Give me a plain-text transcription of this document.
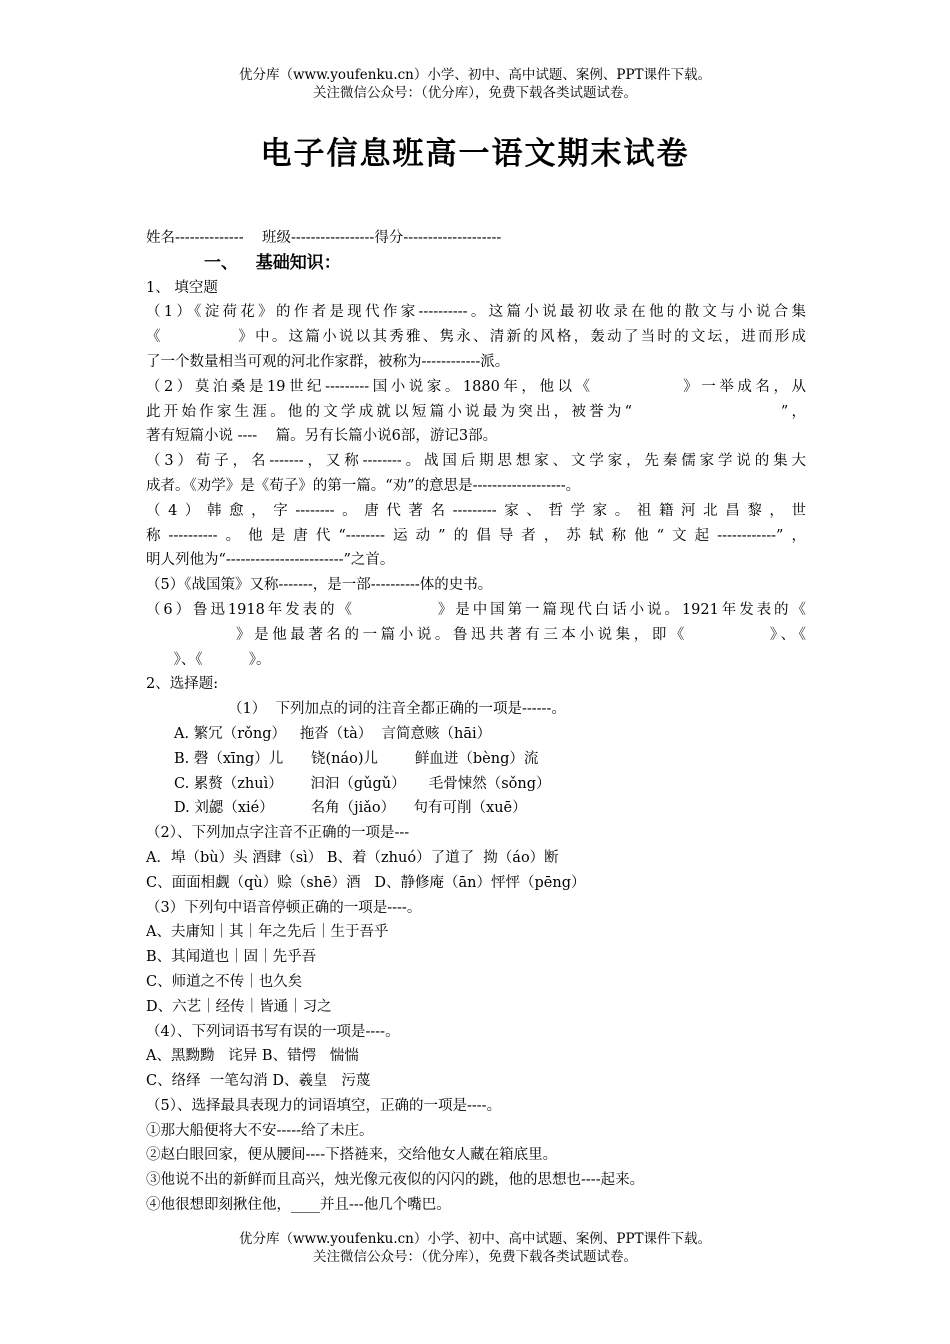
优分库（www.youfenku.cn）小学、初中、高中试题、案例、PPT课件下载。
关注微信公众号：（优分库），免费下载各类试题试卷。
电子信息班高一语文期末试卷
姓名--------------    班级-----------------得分--------------------
一、   基础知识：
1、 填空题
（1）《淀荷花》的作者是现代作家----------。这篇小说最初收录在他的散文与小说合集
《           》中。这篇小说以其秀雅、隽永、清新的风格，轰动了当时的文坛，进而形成
了一个数量相当可观的河北作家群，被称为------------派。
（2）莫泊桑是19世纪---------国小说家。1880年，他以《           》一举成名，从
此开始作家生涯。他的文学成就以短篇小说最为突出，被誉为“                   ”，
著有短篇小说 ----    篇。另有长篇小说6部，游记3部。
（3）荀子，名-------，又称--------。战国后期思想家、文学家，先秦儒家学说的集大
成者。《劝学》是《荀子》的第一篇。“劝”的意思是-------------------。
（4）韩愈，字--------。唐代著名---------家、哲学家。祖籍河北昌黎，世
称----------。他是唐代“--------运动”的倡导者，苏轼称他“文起------------”，
明人列他为“------------------------”之首。
（5）《战国策》又称-------，是一部----------体的史书。
（6）鲁迅1918年发表的《           》是中国第一篇现代白话小说。1921年发表的《
》是他最著名的一篇小说。鲁迅共著有三本小说集，即《          》、《
》、《          》。
2、选择题:
（1）  下列加点的词的注音全都正确的一项是------。
A. 繁冗（rǒng）   拖沓（tà）  言简意赅（hāi）
B. 磬（xīng）儿      铙(náo)儿        鲜血迸（bèng）流
C. 累赘（zhuì）      汩汩（gǔgǔ）     毛骨悚然（sǒng）
D. 刘勰（xié）        名角（jiǎo）    句有可削（xuē）
（2）、下列加点字注音不正确的一项是---
A．埠（bù）头 酒肆（sì） B、着（zhuó）了道了  拗（áo）断
C、面面相觑（qù）赊（shē）酒   D、静修庵（ān）怦怦（pēng）
（3）下列句中语音停顿正确的一项是----。
A、夫庸知｜其｜年之先后｜生于吾乎
B、其闻道也｜固｜先乎吾
C、师道之不传｜也久矣
D、六艺｜经传｜皆通｜习之
（4）、下列词语书写有误的一项是----。
A、黑黝黝   诧异 B、错愕   惴惴
C、络绎  一笔勾消 D、羲皇   污蔑
（5）、选择最具表现力的词语填空，正确的一项是----。
①那大船便将大不安-----给了未庄。
②赵白眼回家，便从腰间----下搭裢来，交给他女人藏在箱底里。
③他说不出的新鲜而且高兴，烛光像元夜似的闪闪的跳，他的思想也----起来。
④他很想即刻揪住他，____并且---他几个嘴巴。
优分库（www.youfenku.cn）小学、初中、高中试题、案例、PPT课件下载。
关注微信公众号：（优分库），免费下载各类试题试卷。
